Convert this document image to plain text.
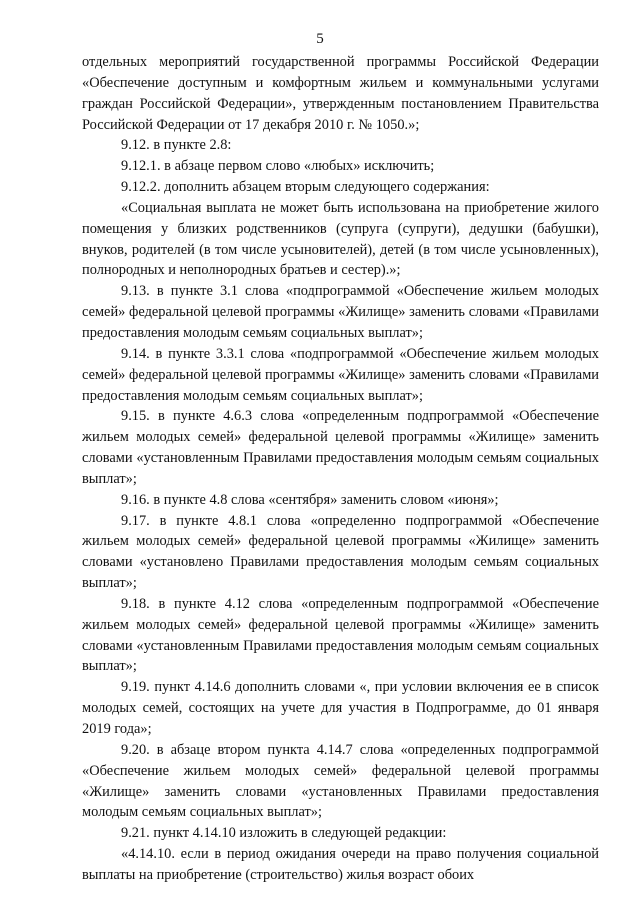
5

отдельных мероприятий государственной программы Российской Федерации «Обеспечение доступным и комфортным жильем и коммунальными услугами граждан Российской Федерации», утвержденным постановлением Правительства Российской Федерации от 17 декабря 2010 г. № 1050.»;

9.12. в пункте 2.8:

9.12.1. в абзаце первом слово «любых» исключить;

9.12.2. дополнить абзацем вторым следующего содержания:

«Социальная выплата не может быть использована на приобретение жилого помещения у близких родственников (супруга (супруги), дедушки (бабушки), внуков, родителей (в том числе усыновителей), детей (в том числе усыновленных), полнородных и неполнородных братьев и сестер).»;

9.13. в пункте 3.1 слова «подпрограммой «Обеспечение жильем молодых семей» федеральной целевой программы «Жилище» заменить словами «Правилами предоставления молодым семьям социальных выплат»;

9.14. в пункте 3.3.1 слова «подпрограммой «Обеспечение жильем молодых семей» федеральной целевой программы «Жилище» заменить словами «Правилами предоставления молодым семьям социальных выплат»;

9.15. в пункте 4.6.3 слова «определенным подпрограммой «Обеспечение жильем молодых семей» федеральной целевой программы «Жилище» заменить словами «установленным Правилами предоставления молодым семьям социальных выплат»;

9.16. в пункте 4.8 слова «сентября» заменить словом «июня»;

9.17. в пункте 4.8.1 слова «определенно подпрограммой «Обеспечение жильем молодых семей» федеральной целевой программы «Жилище» заменить словами «установлено Правилами предоставления молодым семьям социальных выплат»;

9.18. в пункте 4.12 слова «определенным подпрограммой «Обеспечение жильем молодых семей» федеральной целевой программы «Жилище» заменить словами «установленным Правилами предоставления молодым семьям социальных выплат»;

9.19. пункт 4.14.6 дополнить словами «, при условии включения ее в список молодых семей, состоящих на учете для участия в Подпрограмме, до 01 января 2019 года»;

9.20. в абзаце втором пункта 4.14.7 слова «определенных подпрограммой «Обеспечение жильем молодых семей» федеральной целевой программы «Жилище» заменить словами «установленных Правилами предоставления молодым семьям социальных выплат»;

9.21. пункт 4.14.10 изложить в следующей редакции:

«4.14.10. если в период ожидания очереди на право получения социальной выплаты на приобретение (строительство) жилья возраст обоих
